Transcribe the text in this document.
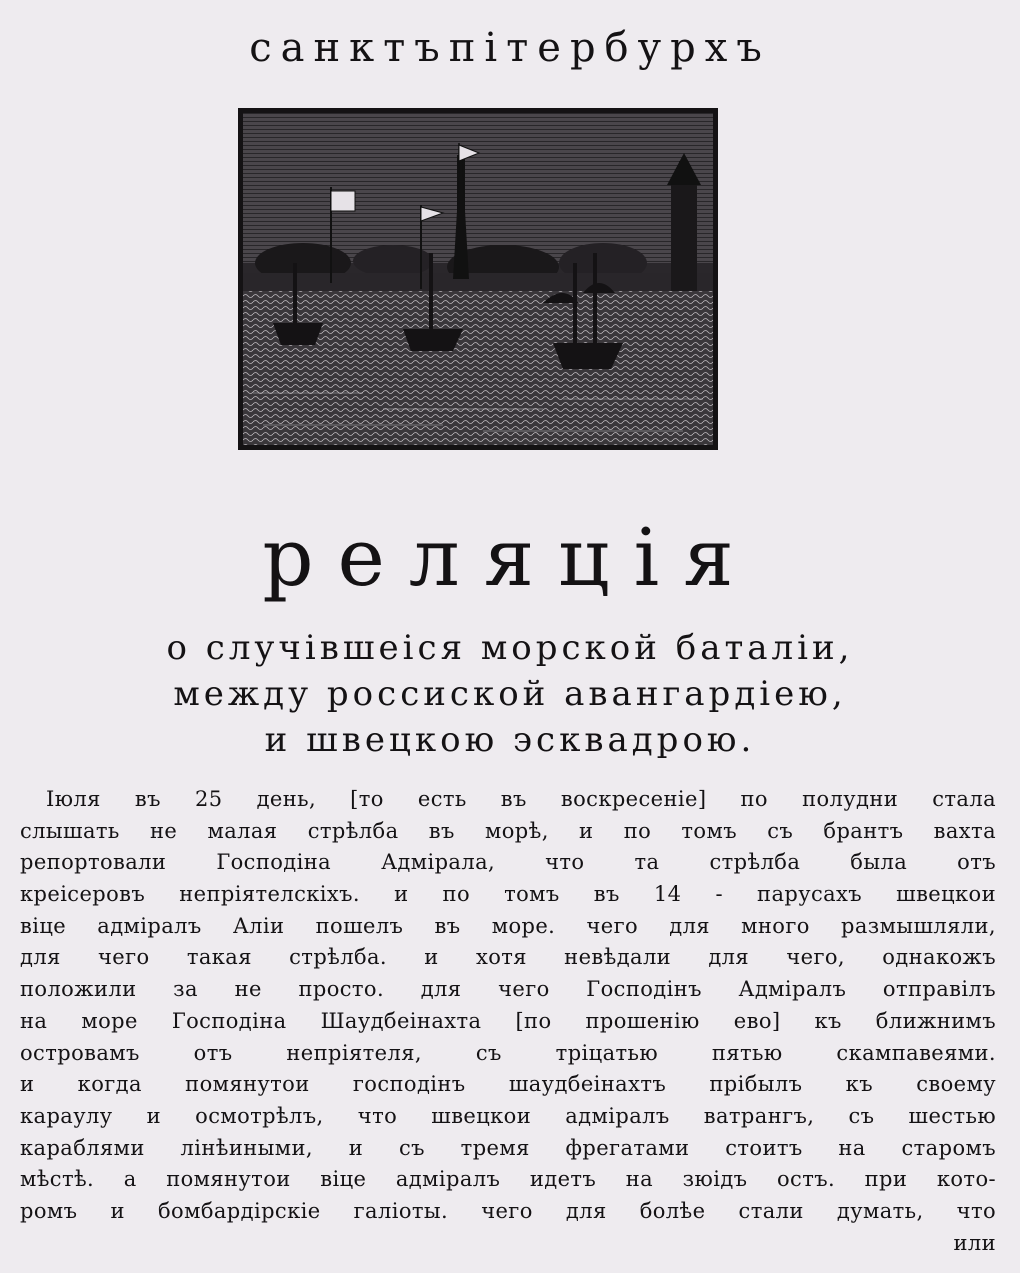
санктъпітербурхъ
реляція
о случівшеіся морской баталіи,
между россиской авангардіею,
и швецкою эсквадрою.
Іюля въ 25 день, [то есть въ воскресеніе] по полудни стала
слышать не малая стрѣлба въ морѣ, и по томъ съ брантъ вахта
репортовали Господіна Адмірала, что та стрѣлба была отъ
креісеровъ непріятелскіхъ. и по томъ въ 14 - парусахъ швецкои
віце адміралъ Аліи пошелъ въ море. чего для много размышляли,
для чего такая стрѣлба. и хотя невѣдали для чего, однакожъ
положили за не просто. для чего Господінъ Адміралъ отправілъ
на море Господіна Шаудбеінахта [по прошенію ево] къ ближнимъ
островамъ отъ непріятеля, съ тріцатью пятью скампавеями.
и когда помянутои господінъ шаудбеінахтъ прібылъ къ своему
караулу и осмотрѣлъ, что швецкои адміралъ ватрангъ, съ шестью
караблями лінѣиными, и съ тремя фрегатами стоитъ на старомъ
мѣстѣ. а помянутои віце адміралъ идетъ на зюідъ остъ. при кото-
ромъ и бомбардірскіе галіоты. чего для болѣе стали думать, что
или
